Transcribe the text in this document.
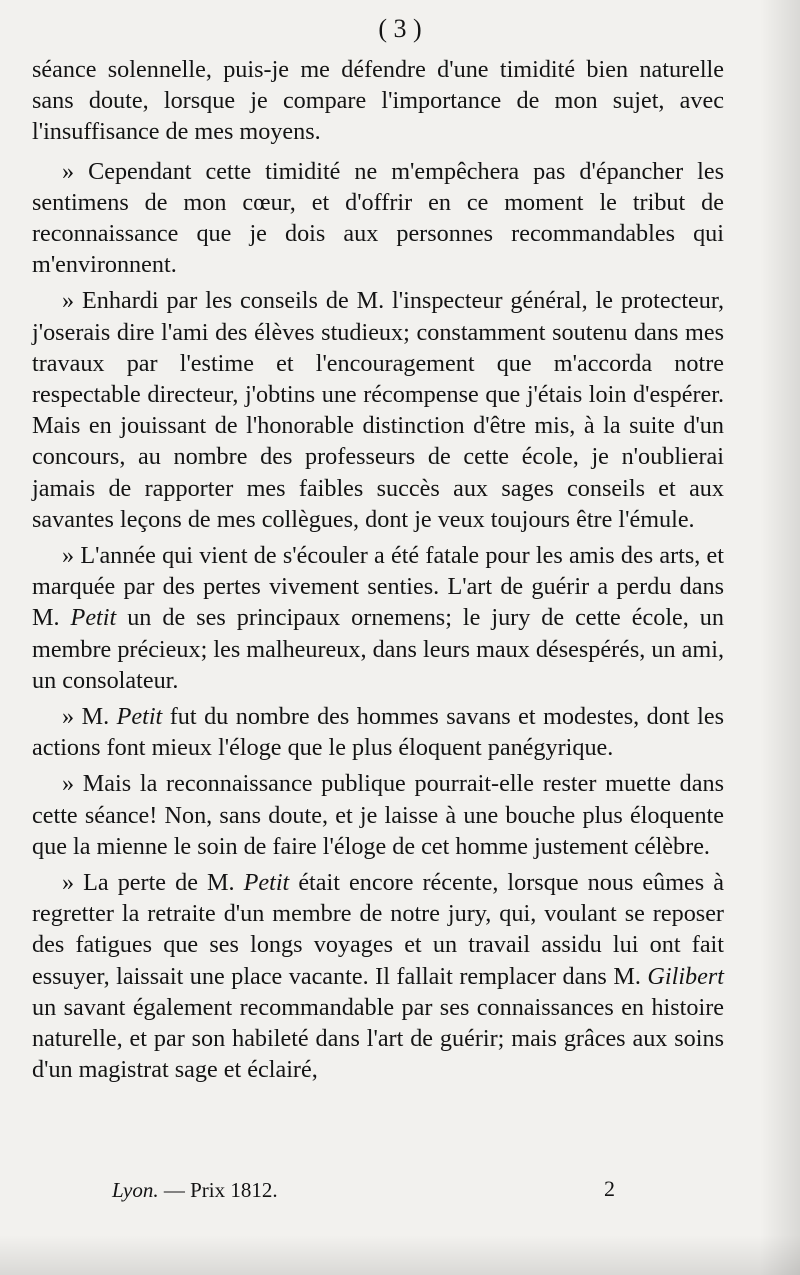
( 3 )

séance solennelle, puis-je me défendre d'une timidité bien naturelle sans doute, lorsque je compare l'importance de mon sujet, avec l'insuffisance de mes moyens.

» Cependant cette timidité ne m'empêchera pas d'épancher les sentimens de mon cœur, et d'offrir en ce moment le tribut de reconnaissance que je dois aux personnes recommandables qui m'environnent.

» Enhardi par les conseils de M. l'inspecteur général, le protecteur, j'oserais dire l'ami des élèves studieux; constamment soutenu dans mes travaux par l'estime et l'encouragement que m'accorda notre respectable directeur, j'obtins une récompense que j'étais loin d'espérer. Mais en jouissant de l'honorable distinction d'être mis, à la suite d'un concours, au nombre des professeurs de cette école, je n'oublierai jamais de rapporter mes faibles succès aux sages conseils et aux savantes leçons de mes collègues, dont je veux toujours être l'émule.

» L'année qui vient de s'écouler a été fatale pour les amis des arts, et marquée par des pertes vivement senties. L'art de guérir a perdu dans M. Petit un de ses principaux ornemens; le jury de cette école, un membre précieux; les malheureux, dans leurs maux désespérés, un ami, un consolateur.

» M. Petit fut du nombre des hommes savans et modestes, dont les actions font mieux l'éloge que le plus éloquent panégyrique.

» Mais la reconnaissance publique pourrait-elle rester muette dans cette séance! Non, sans doute, et je laisse à une bouche plus éloquente que la mienne le soin de faire l'éloge de cet homme justement célèbre.

» La perte de M. Petit était encore récente, lorsque nous eûmes à regretter la retraite d'un membre de notre jury, qui, voulant se reposer des fatigues que ses longs voyages et un travail assidu lui ont fait essuyer, laissait une place vacante. Il fallait remplacer dans M. Gilibert un savant également recommandable par ses connaissances en histoire naturelle, et par son habileté dans l'art de guérir; mais grâces aux soins d'un magistrat sage et éclairé,

Lyon. — Prix 1812.	2
